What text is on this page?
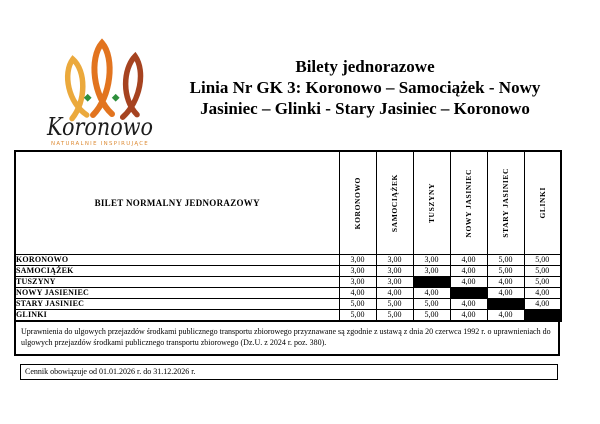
Koronowo
NATURALNIE INSPIRUJĄCE
Bilety jednorazowe
Linia Nr GK 3: Koronowo – Samociążek - Nowy
Jasiniec – Glinki - Stary Jasiniec – Koronowo
BILET NORMALNY JEDNORAZOWY	KORONOWO	SAMOCIĄŻEK	TUSZYNY	NOWY JASINIEC	STARY JASINIEC	GLINKI

KORONOWO	3,00	3,00	3,00	4,00	5,00	5,00
SAMOCIĄŻEK	3,00	3,00	3,00	4,00	5,00	5,00
TUSZYNY	3,00	3,00		4,00	4,00	5,00
NOWY JASIENIEC	4,00	4,00	4,00		4,00	4,00
STARY JASINIEC	5,00	5,00	5,00	4,00		4,00
GLINKI	5,00	5,00	5,00	4,00	4,00	
Uprawnienia do ulgowych przejazdów środkami publicznego transportu zbiorowego przyznawane są zgodnie z ustawą z dnia 20 czerwca 1992 r. o uprawnieniach do ulgowych przejazdów środkami publicznego transportu zbiorowego (Dz.U. z 2024 r. poz. 380).
Cennik obowiązuje od 01.01.2026 r. do 31.12.2026 r.
